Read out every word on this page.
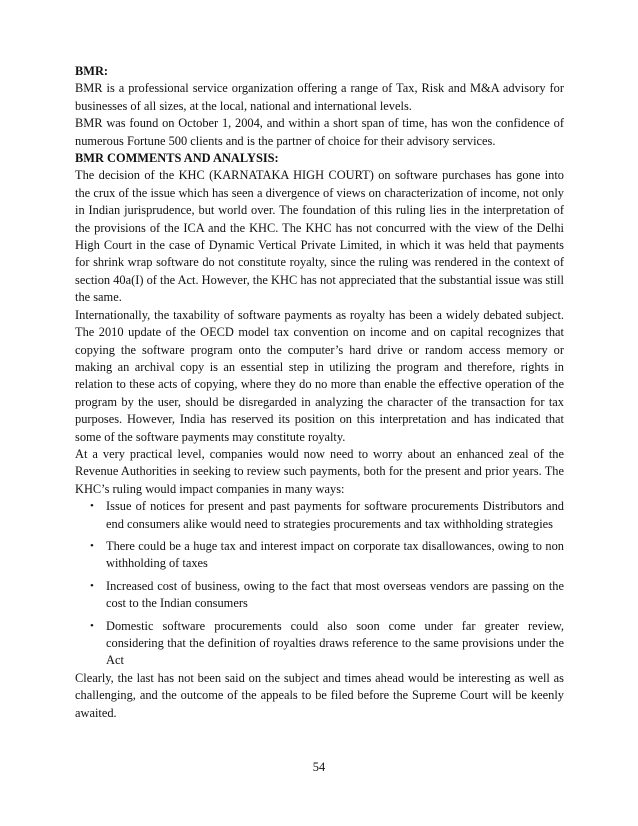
BMR:

BMR is a professional service organization offering a range of Tax, Risk and M&A advisory for businesses of all sizes, at the local, national and international levels.

BMR was found on October 1, 2004, and within a short span of time, has won the confidence of numerous Fortune 500 clients and is the partner of choice for their advisory services.

BMR COMMENTS AND ANALYSIS:

The decision of the KHC (KARNATAKA HIGH COURT) on software purchases has gone into the crux of the issue which has seen a divergence of views on characterization of income, not only in Indian jurisprudence, but world over. The foundation of this ruling lies in the interpretation of the provisions of the ICA and the KHC. The KHC has not concurred with the view of the Delhi High Court in the case of Dynamic Vertical Private Limited, in which it was held that payments for shrink wrap software do not constitute royalty, since the ruling was rendered in the context of section 40a(I) of the Act. However, the KHC has not appreciated that the substantial issue was still the same.

Internationally, the taxability of software payments as royalty has been a widely debated subject. The 2010 update of the OECD model tax convention on income and on capital recognizes that copying the software program onto the computer’s hard drive or random access memory or making an archival copy is an essential step in utilizing the program and therefore, rights in relation to these acts of copying, where they do no more than enable the effective operation of the program by the user, should be disregarded in analyzing the character of the transaction for tax purposes. However, India has reserved its position on this interpretation and has indicated that some of the software payments may constitute royalty.

At a very practical level, companies would now need to worry about an enhanced zeal of the Revenue Authorities in seeking to review such payments, both for the present and prior years. The KHC’s ruling would impact companies in many ways:

• Issue of notices for present and past payments for software procurements Distributors and end consumers alike would need to strategies procurements and tax withholding strategies
• There could be a huge tax and interest impact on corporate tax disallowances, owing to non withholding of taxes
• Increased cost of business, owing to the fact that most overseas vendors are passing on the cost to the Indian consumers
• Domestic software procurements could also soon come under far greater review, considering that the definition of royalties draws reference to the same provisions under the Act

Clearly, the last has not been said on the subject and times ahead would be interesting as well as challenging, and the outcome of the appeals to be filed before the Supreme Court will be keenly awaited.

54
